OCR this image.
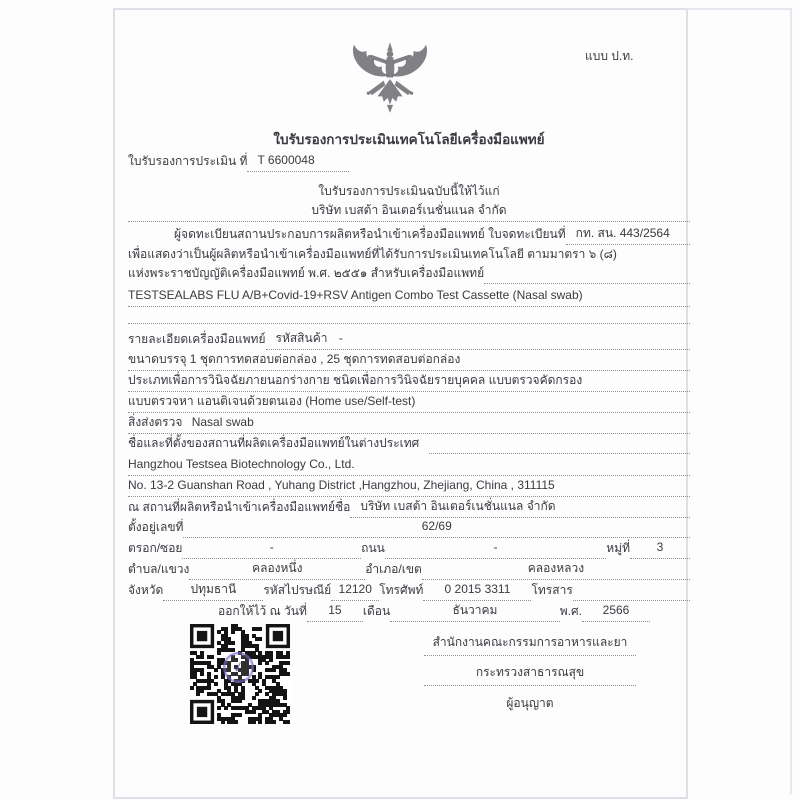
แบบ ป.ท.
ใบรับรองการประเมินเทคโนโลยีเครื่องมือแพทย์
ใบรับรองการประเมิน ที่ T 6600048
ใบรับรองการประเมินฉบับนี้ให้ไว้แก่
บริษัท เบสต้า อินเตอร์เนชั่นแนล จำกัด
ผู้จดทะเบียนสถานประกอบการผลิตหรือนำเข้าเครื่องมือแพทย์ ใบจดทะเบียนที่ กท. สน. 443/2564
เพื่อแสดงว่าเป็นผู้ผลิตหรือนำเข้าเครื่องมือแพทย์ที่ได้รับการประเมินเทคโนโลยี ตามมาตรา ๖ (๘)
แห่งพระราชบัญญัติเครื่องมือแพทย์ พ.ศ. ๒๕๕๑ สำหรับเครื่องมือแพทย์
TESTSEALABS FLU A/B+Covid-19+RSV Antigen Combo Test Cassette (Nasal swab)
รายละเอียดเครื่องมือแพทย์ รหัสสินค้า -
ขนาดบรรจุ 1 ชุดการทดสอบต่อกล่อง , 25 ชุดการทดสอบต่อกล่อง
ประเภทเพื่อการวินิจฉัยภายนอกร่างกาย ชนิดเพื่อการวินิจฉัยรายบุคคล แบบตรวจคัดกรอง
แบบตรวจหา แอนติเจนด้วยตนเอง (Home use/Self-test)
สิ่งส่งตรวจ Nasal swab
ชื่อและที่ตั้งของสถานที่ผลิตเครื่องมือแพทย์ในต่างประเทศ
Hangzhou Testsea Biotechnology Co., Ltd.
No. 13-2 Guanshan Road , Yuhang District ,Hangzhou, Zhejiang, China , 311115
ณ สถานที่ผลิตหรือนำเข้าเครื่องมือแพทย์ชื่อ บริษัท เบสต้า อินเตอร์เนชั่นแนล จำกัด
ตั้งอยู่เลขที่	62/69
ตรอก/ซอย	-	ถนน	-	หมู่ที่	3
ตำบล/แขวง	คลองหนึ่ง	อำเภอ/เขต	คลองหลวง
จังหวัด	ปทุมธานี	รหัสไปรษณีย์ 12120 โทรศัพท์	0 2015 3311	โทรสาร
ออกให้ไว้ ณ วันที่	15	เดือน	ธันวาคม	พ.ศ.	2566
✓
สำนักงานคณะกรรมการอาหารและยา
กระทรวงสาธารณสุข
ผู้อนุญาต
